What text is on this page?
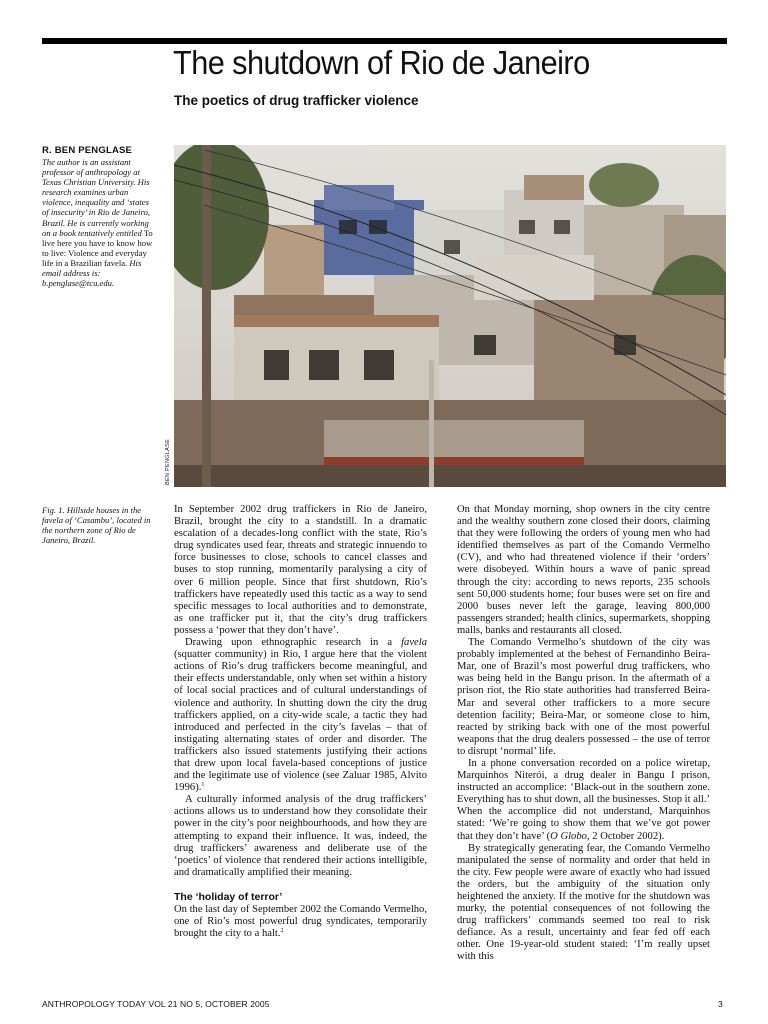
The shutdown of Rio de Janeiro
The poetics of drug trafficker violence
R. BEN PENGLASE
The author is an assistant professor of anthropology at Texas Christian University. His research examines urban violence, inequality and ‘states of insecurity’ in Rio de Janeiro, Brazil. He is currently working on a book tentatively entitled To live here you have to know how to live: Violence and everyday life in a Brazilian favela. His email address is: b.penglase@tcu.edu.
BEN PENGLASE
Fig. 1. Hillside houses in the favela of ‘Casambu’, located in the northern zone of Rio de Janeiro, Brazil.

In September 2002 drug traffickers in Rio de Janeiro, Brazil, brought the city to a standstill. In a dramatic escalation of a decades-long conflict with the state, Rio’s drug syndicates used fear, threats and strategic innuendo to force businesses to close, schools to cancel classes and buses to stop running, momentarily paralysing a city of over 6 million people. Since that first shutdown, Rio’s traffickers have repeatedly used this tactic as a way to send specific messages to local authorities and to demonstrate, as one trafficker put it, that the city’s drug traffickers possess a ‘power that they don’t have’.

Drawing upon ethnographic research in a favela (squatter community) in Rio, I argue here that the violent actions of Rio’s drug traffickers become meaningful, and their effects understandable, only when set within a history of local social practices and of cultural understandings of violence and authority. In shutting down the city the drug traffickers applied, on a city-wide scale, a tactic they had introduced and perfected in the city’s favelas – that of instigating alternating states of order and disorder. The traffickers also issued statements justifying their actions that drew upon local favela-based conceptions of justice and the legitimate use of violence (see Zaluar 1985, Alvito 1996).$^1$

A culturally informed analysis of the drug traffickers’ actions allows us to understand how they consolidate their power in the city’s poor neighbourhoods, and how they are attempting to expand their influence. It was, indeed, the drug traffickers’ awareness and deliberate use of the ‘poetics’ of violence that rendered their actions intelligible, and dramatically amplified their meaning.

The ‘holiday of terror’

On the last day of September 2002 the Comando Vermelho, one of Rio’s most powerful drug syndicates, temporarily brought the city to a halt.$^2$

On that Monday morning, shop owners in the city centre and the wealthy southern zone closed their doors, claiming that they were following the orders of young men who had identified themselves as part of the Comando Vermelho (CV), and who had threatened violence if their ‘orders’ were disobeyed. Within hours a wave of panic spread through the city: according to news reports, 235 schools sent 50,000 students home; four buses were set on fire and 2000 buses never left the garage, leaving 800,000 passengers stranded; health clinics, supermarkets, shopping malls, banks and restaurants all closed.

The Comando Vermelho’s shutdown of the city was probably implemented at the behest of Fernandinho Beira-Mar, one of Brazil’s most powerful drug traffickers, who was being held in the Bangu prison. In the aftermath of a prison riot, the Rio state authorities had transferred Beira-Mar and several other traffickers to a more secure detention facility; Beira-Mar, or someone close to him, reacted by striking back with one of the most powerful weapons that the drug dealers possessed – the use of terror to disrupt ‘normal’ life.

In a phone conversation recorded on a police wiretap, Marquinhos Niterói, a drug dealer in Bangu I prison, instructed an accomplice: ‘Black-out in the southern zone. Everything has to shut down, all the businesses. Stop it all.’ When the accomplice did not understand, Marquinhos stated: ‘We’re going to show them that we’ve got power that they don’t have’ (O Globo, 2 October 2002).

By strategically generating fear, the Comando Vermelho manipulated the sense of normality and order that held in the city. Few people were aware of exactly who had issued the orders, but the ambiguity of the situation only heightened the anxiety. If the motive for the shutdown was murky, the potential consequences of not following the drug traffickers’ commands seemed too real to risk defiance. As a result, uncertainty and fear fed off each other. One 19-year-old student stated: ‘I’m really upset with this

ANTHROPOLOGY TODAY VOL 21 NO 5, OCTOBER 2005	3
